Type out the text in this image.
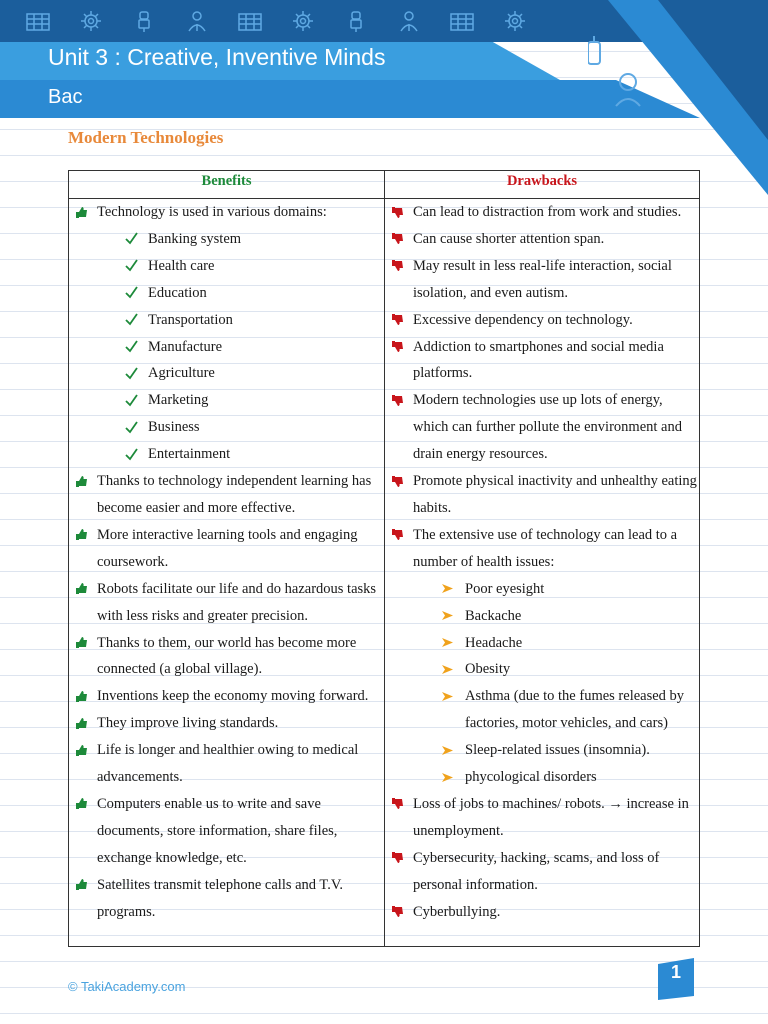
Unit 3 : Creative, Inventive Minds
Bac
Modern Technologies
Benefits	Drawbacks
Technology is used in various domains:
Banking system
Health care
Education
Transportation
Manufacture
Agriculture
Marketing
Business
Entertainment
Thanks to technology independent learning has become easier and more effective.
More interactive learning tools and engaging coursework.
Robots facilitate our life and do hazardous tasks with less risks and greater precision.
Thanks to them, our world has become more connected (a global village).
Inventions keep the economy moving forward.
They improve living standards.
Life is longer and healthier owing to medical advancements.
Computers enable us to write and save documents, store information, share files, exchange knowledge, etc.
Satellites transmit telephone calls and T.V. programs.
Can lead to distraction from work and studies.
Can cause shorter attention span.
May result in less real-life interaction, social isolation, and even autism.
Excessive dependency on technology.
Addiction to smartphones and social media platforms.
Modern technologies use up lots of energy, which can further pollute the environment and drain energy resources.
Promote physical inactivity and unhealthy eating habits.
The extensive use of technology can lead to a number of health issues:
Poor eyesight
Backache
Headache
Obesity
Asthma (due to the fumes released by factories, motor vehicles, and cars)
Sleep-related issues (insomnia).
phycological disorders
Loss of jobs to machines/ robots. → increase in unemployment.
Cybersecurity, hacking, scams, and loss of personal information.
Cyberbullying.
© TakiAcademy.com
1
